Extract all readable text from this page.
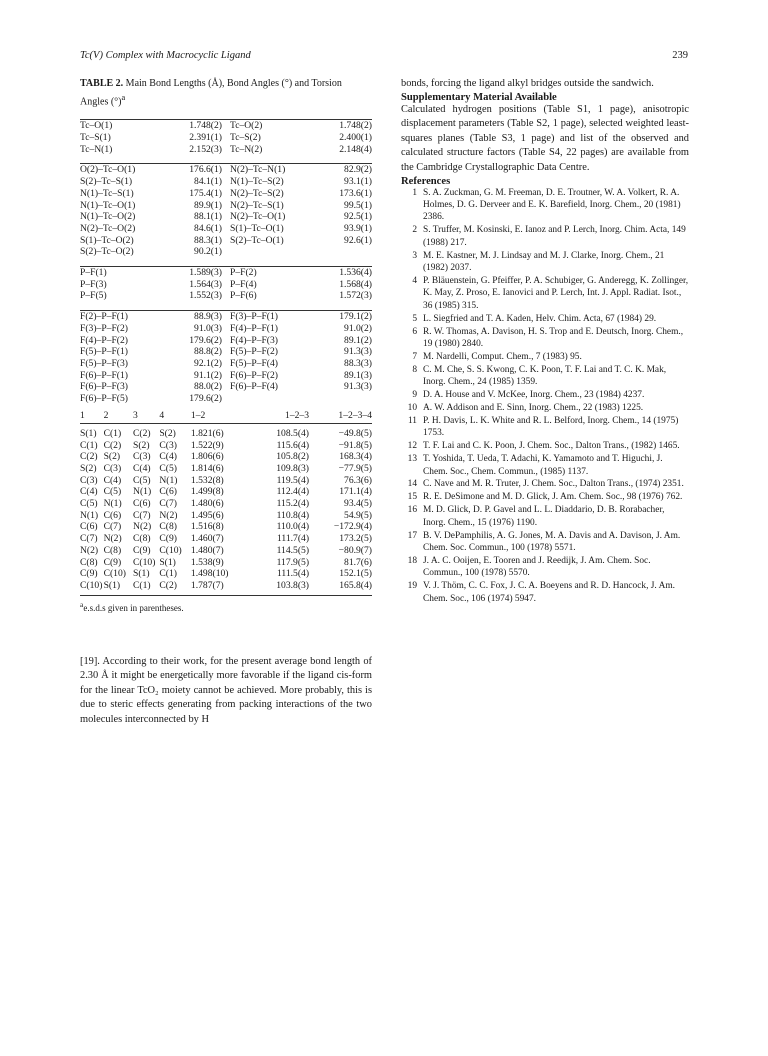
Tc(V) Complex with Macrocyclic Ligand	239

TABLE 2. Main Bond Lengths (Å), Bond Angles (°) and Torsion Angles (°)$^a$

Tc–O(1)	1.748(2)	Tc–O(2)	1.748(2)
Tc–S(1)	2.391(1)	Tc–S(2)	2.400(1)
Tc–N(1)	2.152(3)	Tc–N(2)	2.148(4)

O(2)–Tc–O(1)	176.6(1)	N(2)–Tc–N(1)	82.9(2)
S(2)–Tc–S(1)	84.1(1)	N(1)–Tc–S(2)	93.1(1)
N(1)–Tc–S(1)	175.4(1)	N(2)–Tc–S(2)	173.6(1)
N(1)–Tc–O(1)	89.9(1)	N(2)–Tc–S(1)	99.5(1)
N(1)–Tc–O(2)	88.1(1)	N(2)–Tc–O(1)	92.5(1)
N(2)–Tc–O(2)	84.6(1)	S(1)–Tc–O(1)	93.9(1)
S(1)–Tc–O(2)	88.3(1)	S(2)–Tc–O(1)	92.6(1)
S(2)–Tc–O(2)	90.2(1)		

P–F(1)	1.589(3)	P–F(2)	1.536(4)
P–F(3)	1.564(3)	P–F(4)	1.568(4)
P–F(5)	1.552(3)	P–F(6)	1.572(3)

F(2)–P–F(1)	88.9(3)	F(3)–P–F(1)	179.1(2)
F(3)–P–F(2)	91.0(3)	F(4)–P–F(1)	91.0(2)
F(4)–P–F(2)	179.6(2)	F(4)–P–F(3)	89.1(2)
F(5)–P–F(1)	88.8(2)	F(5)–P–F(2)	91.3(3)
F(5)–P–F(3)	92.1(2)	F(5)–P–F(4)	88.3(3)
F(6)–P–F(1)	91.1(2)	F(6)–P–F(2)	89.1(3)
F(6)–P–F(3)	88.0(2)	F(6)–P–F(4)	91.3(3)
F(6)–P–F(5)	179.6(2)		
1	2	3	4	1–2	1–2–3	1–2–3–4
S(1)	C(1)	C(2)	S(2)	1.821(6)	108.5(4)	−49.8(5)
C(1)	C(2)	S(2)	C(3)	1.522(9)	115.6(4)	−91.8(5)
C(2)	S(2)	C(3)	C(4)	1.806(6)	105.8(2)	168.3(4)
S(2)	C(3)	C(4)	C(5)	1.814(6)	109.8(3)	−77.9(5)
C(3)	C(4)	C(5)	N(1)	1.532(8)	119.5(4)	76.3(6)
C(4)	C(5)	N(1)	C(6)	1.499(8)	112.4(4)	171.1(4)
C(5)	N(1)	C(6)	C(7)	1.480(6)	115.2(4)	93.4(5)
N(1)	C(6)	C(7)	N(2)	1.495(6)	110.8(4)	54.9(5)
C(6)	C(7)	N(2)	C(8)	1.516(8)	110.0(4)	−172.9(4)
C(7)	N(2)	C(8)	C(9)	1.460(7)	111.7(4)	173.2(5)
N(2)	C(8)	C(9)	C(10)	1.480(7)	114.5(5)	−80.9(7)
C(8)	C(9)	C(10)	S(1)	1.538(9)	117.9(5)	81.7(6)
C(9)	C(10)	S(1)	C(1)	1.498(10)	111.5(4)	152.1(5)
C(10)	S(1)	C(1)	C(2)	1.787(7)	103.8(3)	165.8(4)
$^a$e.s.d.s given in parentheses.

[19]. According to their work, for the present average bond length of 2.30 Å it might be energetically more favorable if the ligand cis-form for the linear TcO₂ moiety cannot be achieved. More probably, this is due to steric effects generating from packing interactions of the two molecules interconnected by H

bonds, forcing the ligand alkyl bridges outside the sandwich.

Supplementary Material Available

Calculated hydrogen positions (Table S1, 1 page), anisotropic displacement parameters (Table S2, 1 page), selected weighted least-squares planes (Table S3, 1 page) and list of the observed and calculated structure factors (Table S4, 22 pages) are available from the Cambridge Crystallographic Data Centre.

References
1 S. A. Zuckman, G. M. Freeman, D. E. Troutner, W. A. Volkert, R. A. Holmes, D. G. Derveer and E. K. Barefield, Inorg. Chem., 20 (1981) 2386.
2 S. Truffer, M. Kosinski, E. Ianoz and P. Lerch, Inorg. Chim. Acta, 149 (1988) 217.
3 M. E. Kastner, M. J. Lindsay and M. J. Clarke, Inorg. Chem., 21 (1982) 2037.
4 P. Bläuenstein, G. Pfeiffer, P. A. Schubiger, G. Anderegg, K. Zollinger, K. May, Z. Proso, E. Ianovici and P. Lerch, Int. J. Appl. Radiat. Isot., 36 (1985) 315.
5 L. Siegfried and T. A. Kaden, Helv. Chim. Acta, 67 (1984) 29.
6 R. W. Thomas, A. Davison, H. S. Trop and E. Deutsch, Inorg. Chem., 19 (1980) 2840.
7 M. Nardelli, Comput. Chem., 7 (1983) 95.
8 C. M. Che, S. S. Kwong, C. K. Poon, T. F. Lai and T. C. K. Mak, Inorg. Chem., 24 (1985) 1359.
9 D. A. House and V. McKee, Inorg. Chem., 23 (1984) 4237.
10 A. W. Addison and E. Sinn, Inorg. Chem., 22 (1983) 1225.
11 P. H. Davis, L. K. White and R. L. Belford, Inorg. Chem., 14 (1975) 1753.
12 T. F. Lai and C. K. Poon, J. Chem. Soc., Dalton Trans., (1982) 1465.
13 T. Yoshida, T. Ueda, T. Adachi, K. Yamamoto and T. Higuchi, J. Chem. Soc., Chem. Commun., (1985) 1137.
14 C. Nave and M. R. Truter, J. Chem. Soc., Dalton Trans., (1974) 2351.
15 R. E. DeSimone and M. D. Glick, J. Am. Chem. Soc., 98 (1976) 762.
16 M. D. Glick, D. P. Gavel and L. L. Diaddario, D. B. Rorabacher, Inorg. Chem., 15 (1976) 1190.
17 B. V. DePamphilis, A. G. Jones, M. A. Davis and A. Davison, J. Am. Chem. Soc. Commun., 100 (1978) 5571.
18 J. A. C. Ooijen, E. Tooren and J. Reedijk, J. Am. Chem. Soc. Commun., 100 (1978) 5570.
19 V. J. Thöm, C. C. Fox, J. C. A. Boeyens and R. D. Hancock, J. Am. Chem. Soc., 106 (1974) 5947.
